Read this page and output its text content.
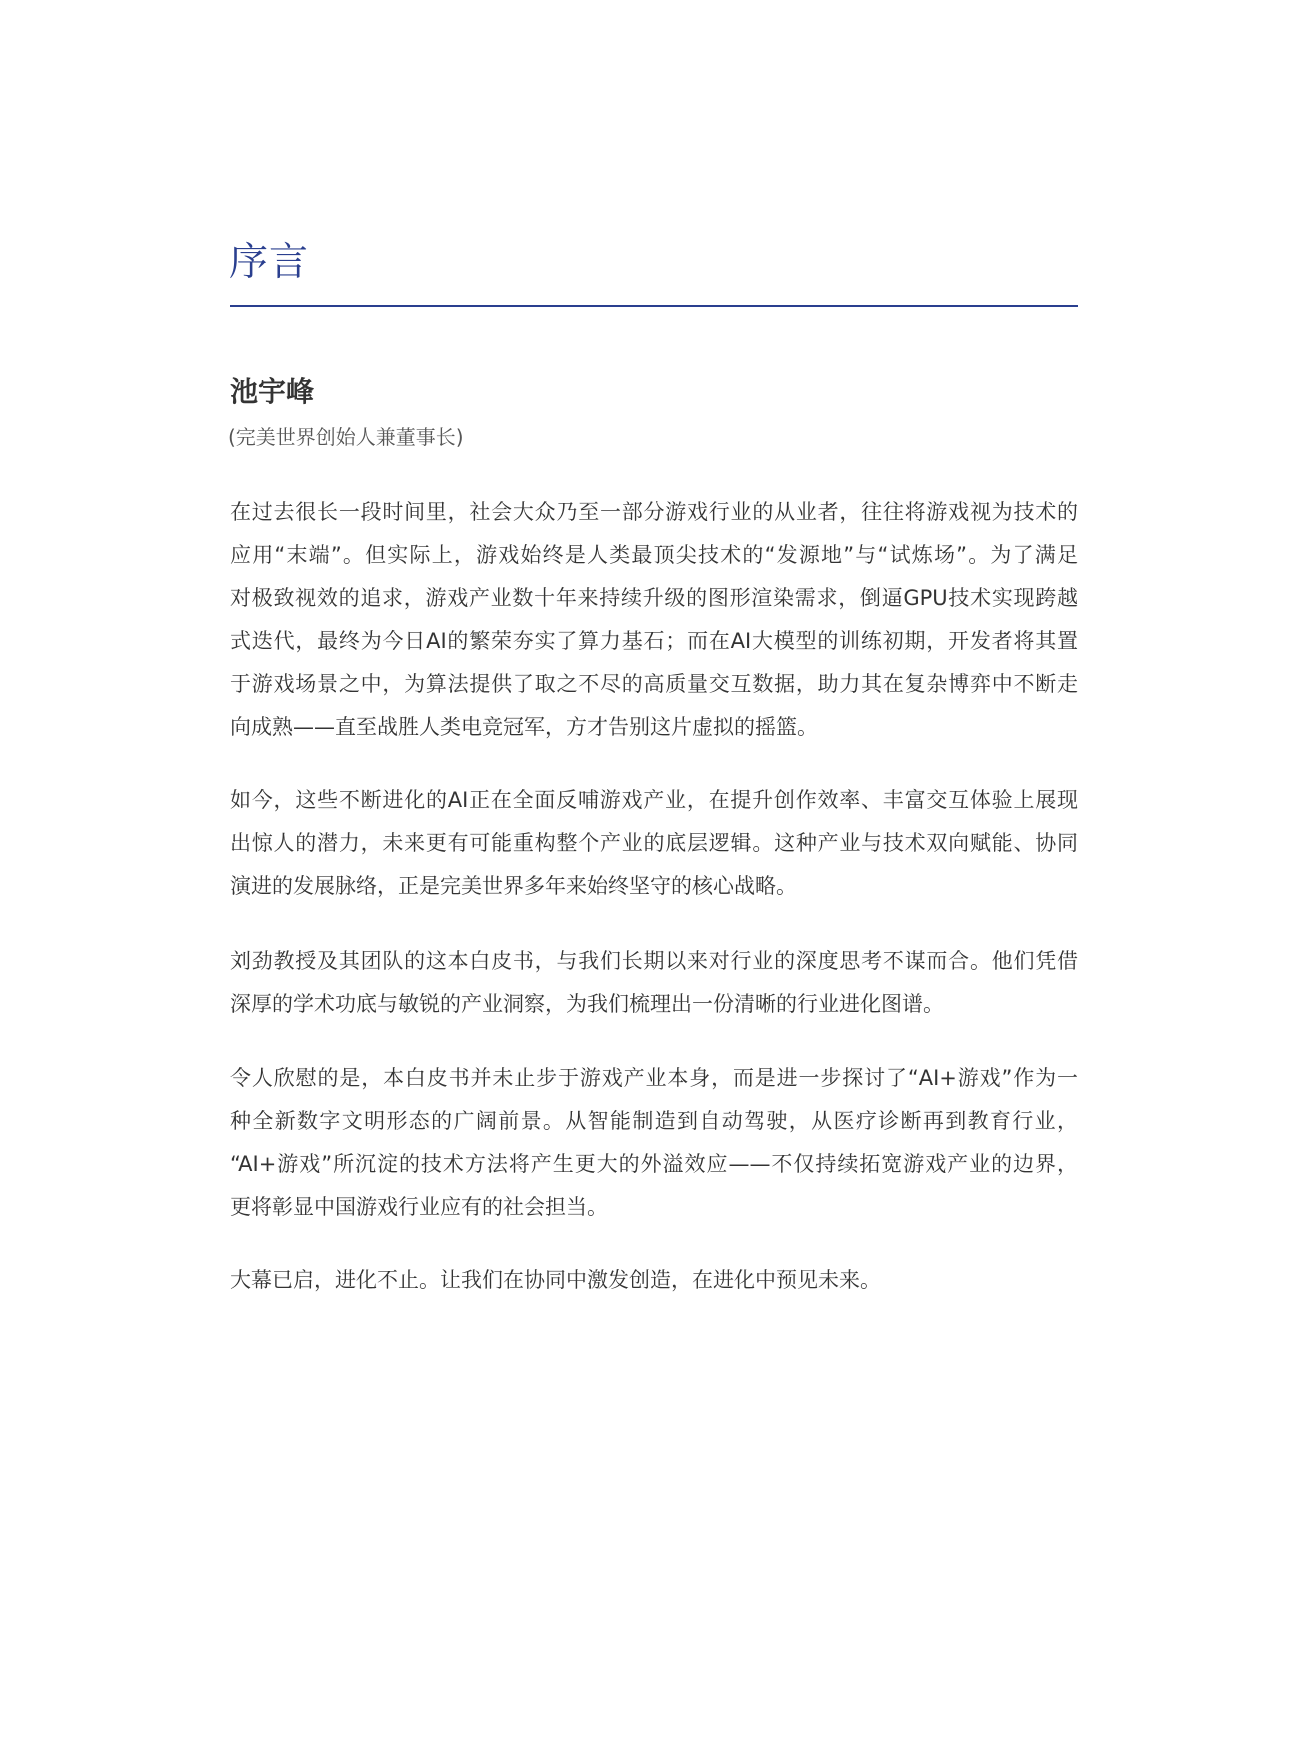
序言
池宇峰
(完美世界创始人兼董事长)
在过去很长一段时间里，社会大众乃至一部分游戏行业的从业者，往往将游戏视为技术的
应用“末端”。但实际上，游戏始终是人类最顶尖技术的“发源地”与“试炼场”。为了满足
对极致视效的追求，游戏产业数十年来持续升级的图形渲染需求，倒逼GPU技术实现跨越
式迭代，最终为今日AI的繁荣夯实了算力基石；而在AI大模型的训练初期，开发者将其置
于游戏场景之中，为算法提供了取之不尽的高质量交互数据，助力其在复杂博弈中不断走
向成熟——直至战胜人类电竞冠军，方才告别这片虚拟的摇篮。
如今，这些不断进化的AI正在全面反哺游戏产业，在提升创作效率、丰富交互体验上展现
出惊人的潜力，未来更有可能重构整个产业的底层逻辑。这种产业与技术双向赋能、协同
演进的发展脉络，正是完美世界多年来始终坚守的核心战略。
刘劲教授及其团队的这本白皮书，与我们长期以来对行业的深度思考不谋而合。他们凭借
深厚的学术功底与敏锐的产业洞察，为我们梳理出一份清晰的行业进化图谱。
令人欣慰的是，本白皮书并未止步于游戏产业本身，而是进一步探讨了“AI+游戏”作为一
种全新数字文明形态的广阔前景。从智能制造到自动驾驶，从医疗诊断再到教育行业，
“AI+游戏”所沉淀的技术方法将产生更大的外溢效应——不仅持续拓宽游戏产业的边界，
更将彰显中国游戏行业应有的社会担当。
大幕已启，进化不止。让我们在协同中激发创造，在进化中预见未来。
